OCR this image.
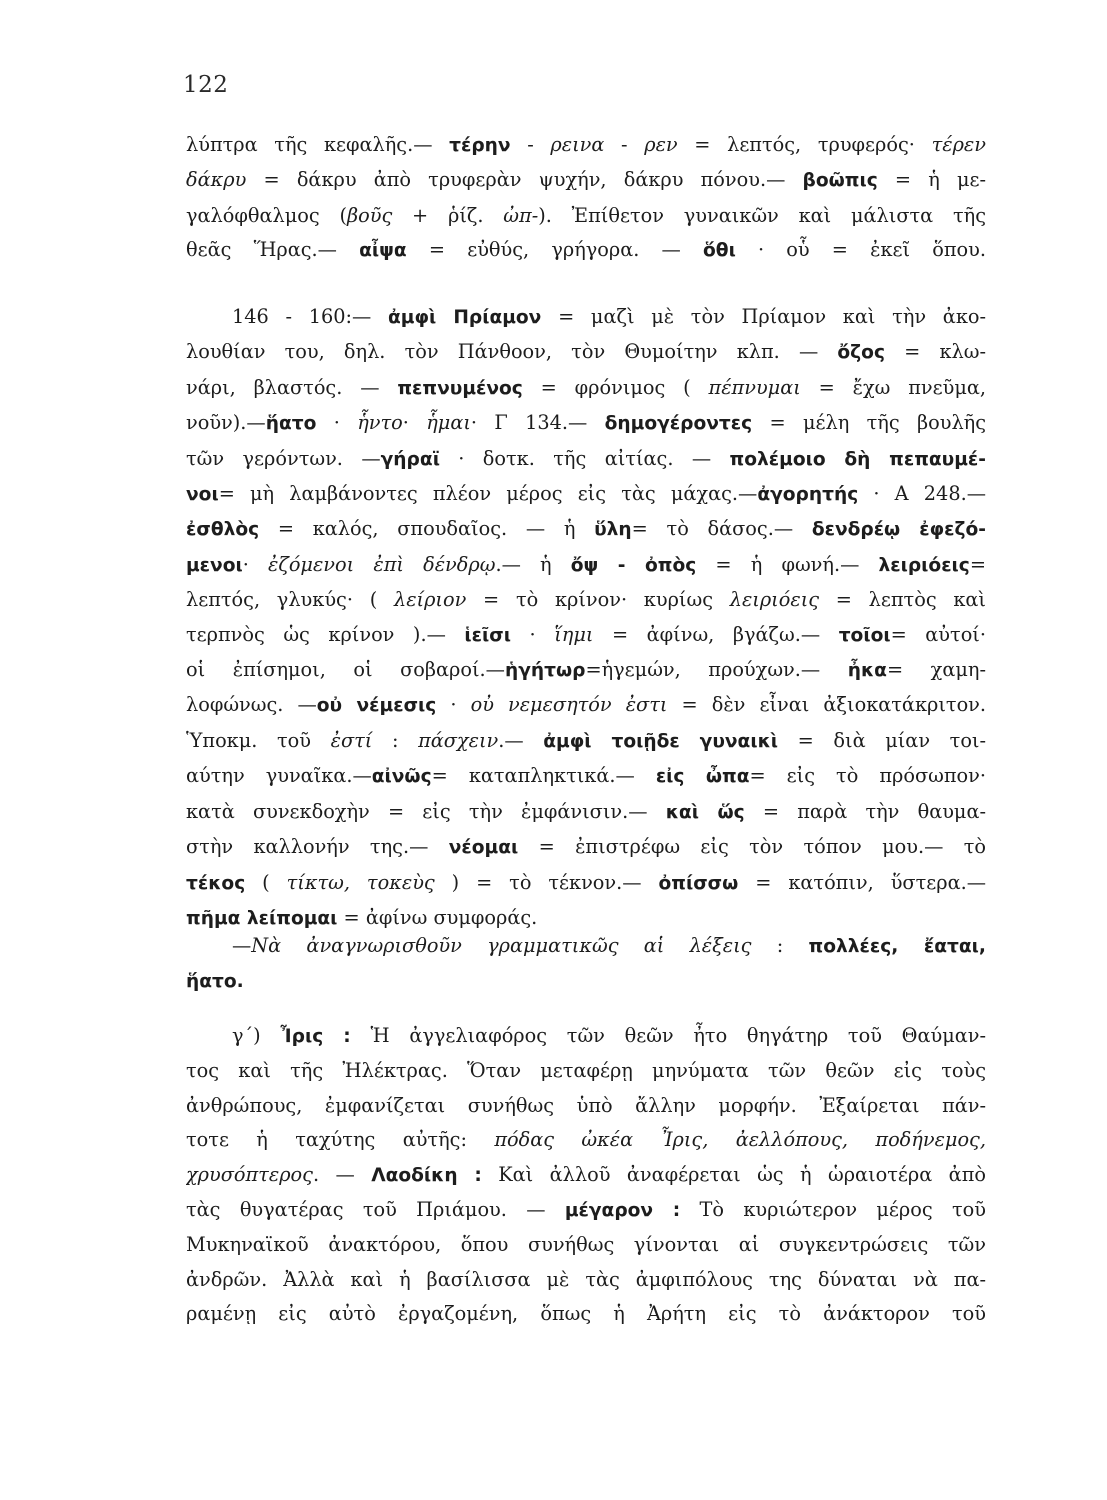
122
λύπτρα τῆς κεφαλῆς.— τέρην - ρεινα - ρεν = λεπτός, τρυφερός· τέρεν
δάκρυ = δάκρυ ἀπὸ τρυφερὰν ψυχήν, δάκρυ πόνου.— βοῶπις = ἡ με-
γαλόφθαλμος (βοῦς + ῥίζ. ὠπ-). Ἐπίθετον γυναικῶν καὶ μάλιστα τῆς
θεᾶς Ἥρας.— αἶψα = εὐθύς, γρήγορα. — ὅθι · οὗ = ἐκεῖ ὅπου.
146 - 160:— ἀμφὶ Πρίαμον = μαζὶ μὲ τὸν Πρίαμον καὶ τὴν ἀκο-
λουθίαν του, δηλ. τὸν Πάνθοον, τὸν Θυμοίτην κλπ. — ὄζος = κλω-
νάρι, βλαστός. — πεπνυμένος = φρόνιμος ( πέπνυμαι = ἔχω πνεῦμα,
νοῦν).—ἥατο · ἧντο· ἧμαι· Γ 134.— δημογέροντες = μέλη τῆς βουλῆς
τῶν γερόντων. —γήραϊ · δοτκ. τῆς αἰτίας. — πολέμοιο δὴ πεπαυμέ-
νοι= μὴ λαμβάνοντες πλέον μέρος εἰς τὰς μάχας.—ἀγορητής · Α 248.—
ἐσθλὸς = καλός, σπουδαῖος. — ἡ ὕλη= τὸ δάσος.— δενδρέῳ ἐφεζό-
μενοι· ἐζόμενοι ἐπὶ δένδρῳ.— ἡ ὄψ - ὀπὸς = ἡ φωνή.— λειριόεις=
λεπτός, γλυκύς· ( λείριον = τὸ κρίνον· κυρίως λειριόεις = λεπτὸς καὶ
τερπνὸς ὡς κρίνον ).— ἱεῖσι · ἵημι = ἀφίνω, βγάζω.— τοῖοι= αὐτοί·
οἱ ἐπίσημοι, οἱ σοβαροί.—ἡγήτωρ=ἡγεμών, προύχων.— ἦκα= χαμη-
λοφώνως. —οὐ νέμεσις · οὐ νεμεσητόν ἐστι = δὲν εἶναι ἀξιοκατάκριτον.
Ὑποκμ. τοῦ ἐστί : πάσχειν.— ἀμφὶ τοιῇδε γυναικὶ = διὰ μίαν τοι-
αύτην γυναῖκα.—αἰνῶς= καταπληκτικά.— εἰς ὦπα= εἰς τὸ πρόσωπον·
κατὰ συνεκδοχὴν = εἰς τὴν ἐμφάνισιν.— καὶ ὥς = παρὰ τὴν θαυμα-
στὴν καλλονήν της.— νέομαι = ἐπιστρέφω εἰς τὸν τόπον μου.— τὸ
τέκος ( τίκτω, τοκεὺς ) = τὸ τέκνον.— ὀπίσσω = κατόπιν, ὕστερα.—
πῆμα λείπομαι = ἀφίνω συμφοράς.
—Νὰ ἀναγνωρισθοῦν γραμματικῶς αἱ λέξεις : πολλέες, ἔαται,
ἥατο.
γ΄) Ἶρις : Ἡ ἀγγελιαφόρος τῶν θεῶν ἦτο θηγάτηρ τοῦ Θαύμαν-
τος καὶ τῆς Ἠλέκτρας. Ὅταν μεταφέρῃ μηνύματα τῶν θεῶν εἰς τοὺς
ἀνθρώπους, ἐμφανίζεται συνήθως ὑπὸ ἄλλην μορφήν. Ἐξαίρεται πάν-
τοτε ἡ ταχύτης αὐτῆς: πόδας ὠκέα Ἶρις, ἀελλόπους, ποδήνεμος,
χρυσόπτερος. — Λαοδίκη : Καὶ ἀλλοῦ ἀναφέρεται ὡς ἡ ὡραιοτέρα ἀπὸ
τὰς θυγατέρας τοῦ Πριάμου. — μέγαρον : Τὸ κυριώτερον μέρος τοῦ
Μυκηναϊκοῦ ἀνακτόρου, ὅπου συνήθως γίνονται αἱ συγκεντρώσεις τῶν
ἀνδρῶν. Ἀλλὰ καὶ ἡ βασίλισσα μὲ τὰς ἀμφιπόλους της δύναται νὰ πα-
ραμένῃ εἰς αὐτὸ ἐργαζομένη, ὅπως ἡ Ἀρήτη εἰς τὸ ἀνάκτορον τοῦ
